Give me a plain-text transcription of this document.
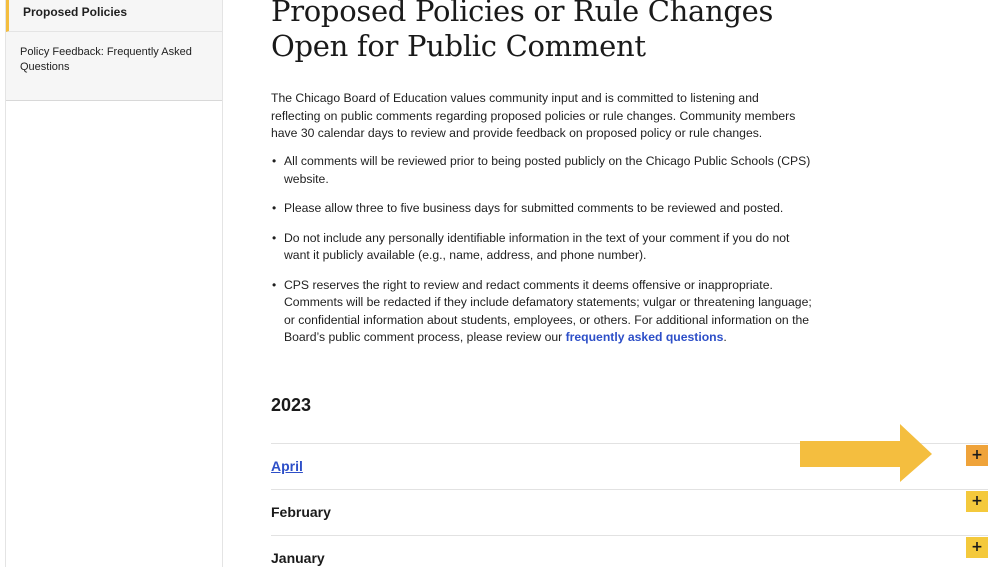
Proposed Policies
Policy Feedback: Frequently Asked Questions
Proposed Policies or Rule Changes Open for Public Comment

The Chicago Board of Education values community input and is committed to listening and reflecting on public comments regarding proposed policies or rule changes. Community members have 30 calendar days to review and provide feedback on proposed policy or rule changes.

• All comments will be reviewed prior to being posted publicly on the Chicago Public Schools (CPS) website.
• Please allow three to five business days for submitted comments to be reviewed and posted.
• Do not include any personally identifiable information in the text of your comment if you do not want it publicly available (e.g., name, address, and phone number).
• CPS reserves the right to review and redact comments it deems offensive or inappropriate. Comments will be redacted if they include defamatory statements; vulgar or threatening language; or confidential information about students, employees, or others. For additional information on the Board’s public comment process, please review our frequently asked questions.
2023
April
+
February
+
January
+
